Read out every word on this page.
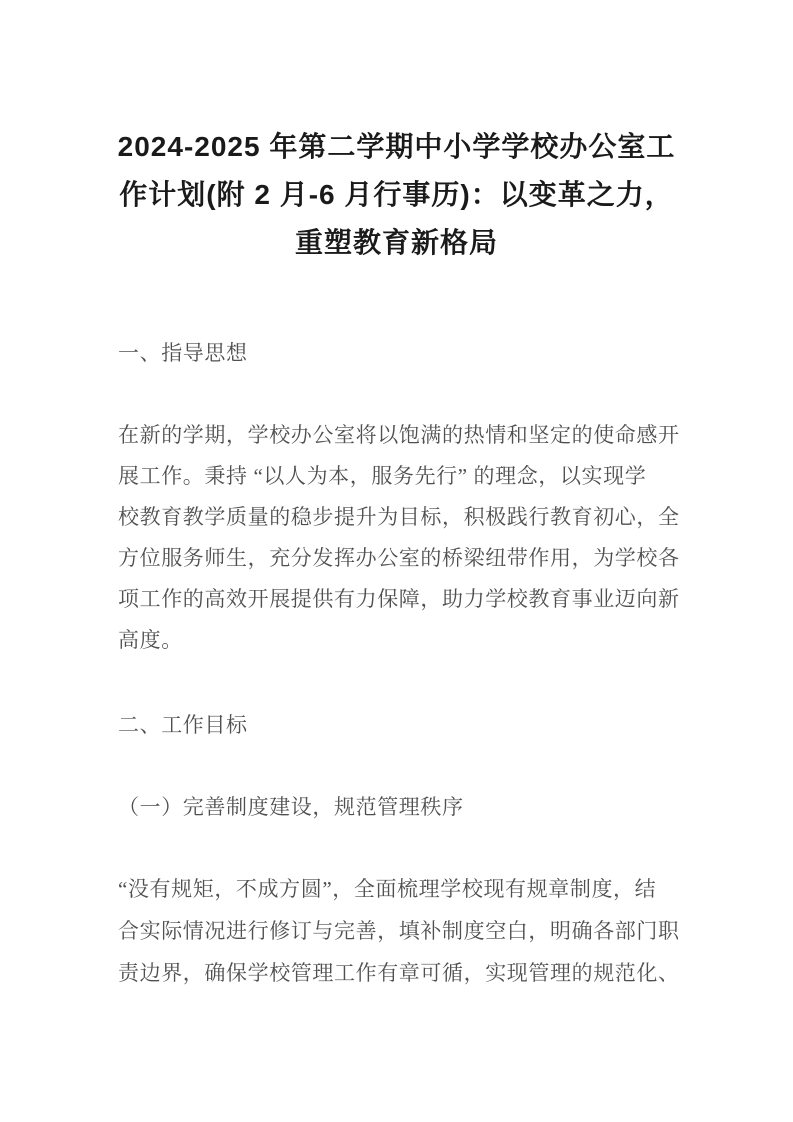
2024-2025 年第二学期中小学学校办公室工
作计划(附 2 月-6 月行事历)：以变革之力，
重塑教育新格局
一、指导思想
在新的学期，学校办公室将以饱满的热情和坚定的使命感开
展工作。秉持 “以人为本，服务先行” 的理念，以实现学
校教育教学质量的稳步提升为目标，积极践行教育初心，全
方位服务师生，充分发挥办公室的桥梁纽带作用，为学校各
项工作的高效开展提供有力保障，助力学校教育事业迈向新
高度。
二、工作目标
（一）完善制度建设，规范管理秩序
“没有规矩，不成方圆”，全面梳理学校现有规章制度，结
合实际情况进行修订与完善，填补制度空白，明确各部门职
责边界，确保学校管理工作有章可循，实现管理的规范化、
